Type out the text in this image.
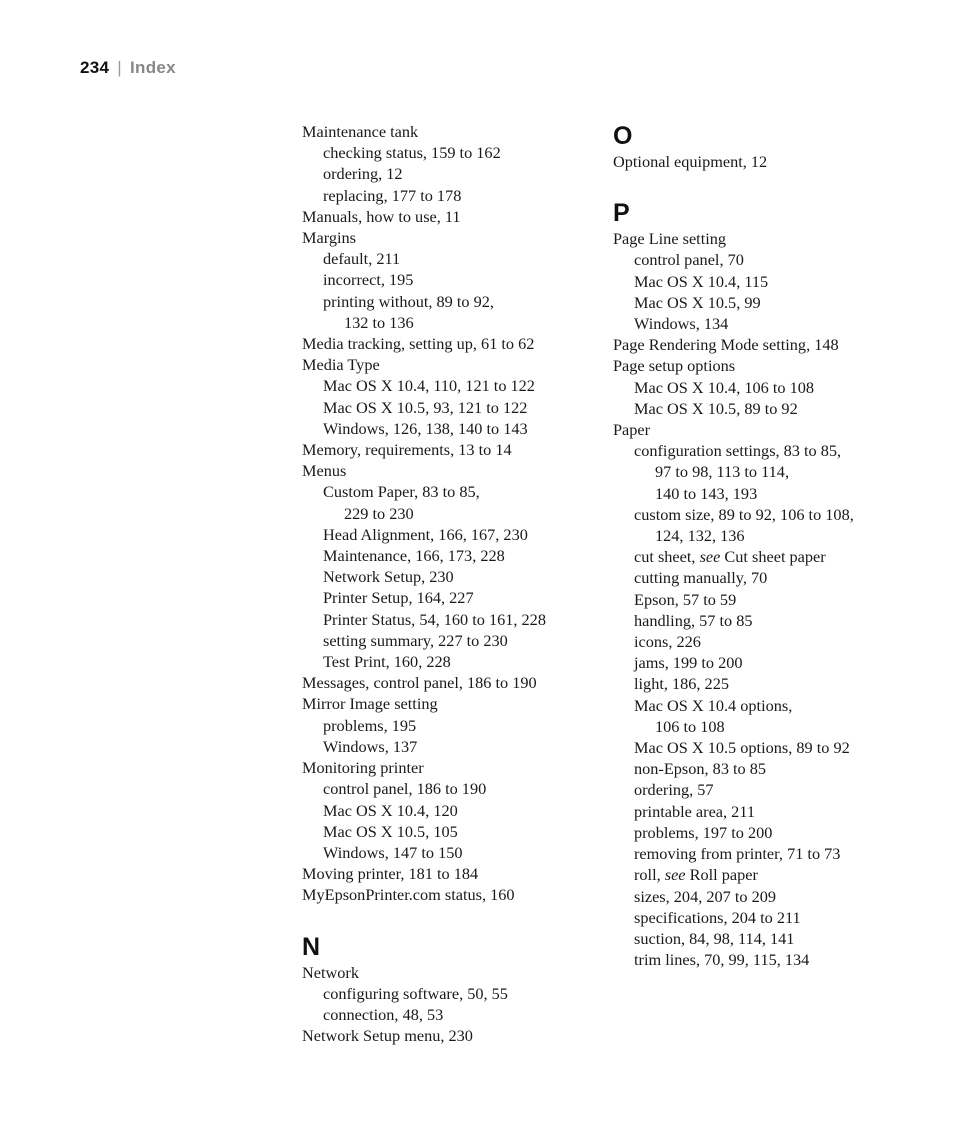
234 | Index
Maintenance tank
checking status, 159 to 162
ordering, 12
replacing, 177 to 178
Manuals, how to use, 11
Margins
default, 211
incorrect, 195
printing without, 89 to 92,
132 to 136
Media tracking, setting up, 61 to 62
Media Type
Mac OS X 10.4, 110, 121 to 122
Mac OS X 10.5, 93, 121 to 122
Windows, 126, 138, 140 to 143
Memory, requirements, 13 to 14
Menus
Custom Paper, 83 to 85,
229 to 230
Head Alignment, 166, 167, 230
Maintenance, 166, 173, 228
Network Setup, 230
Printer Setup, 164, 227
Printer Status, 54, 160 to 161, 228
setting summary, 227 to 230
Test Print, 160, 228
Messages, control panel, 186 to 190
Mirror Image setting
problems, 195
Windows, 137
Monitoring printer
control panel, 186 to 190
Mac OS X 10.4, 120
Mac OS X 10.5, 105
Windows, 147 to 150
Moving printer, 181 to 184
MyEpsonPrinter.com status, 160
N
Network
configuring software, 50, 55
connection, 48, 53
Network Setup menu, 230
O
Optional equipment, 12
P
Page Line setting
control panel, 70
Mac OS X 10.4, 115
Mac OS X 10.5, 99
Windows, 134
Page Rendering Mode setting, 148
Page setup options
Mac OS X 10.4, 106 to 108
Mac OS X 10.5, 89 to 92
Paper
configuration settings, 83 to 85,
97 to 98, 113 to 114,
140 to 143, 193
custom size, 89 to 92, 106 to 108,
124, 132, 136
cut sheet, see Cut sheet paper
cutting manually, 70
Epson, 57 to 59
handling, 57 to 85
icons, 226
jams, 199 to 200
light, 186, 225
Mac OS X 10.4 options,
106 to 108
Mac OS X 10.5 options, 89 to 92
non-Epson, 83 to 85
ordering, 57
printable area, 211
problems, 197 to 200
removing from printer, 71 to 73
roll, see Roll paper
sizes, 204, 207 to 209
specifications, 204 to 211
suction, 84, 98, 114, 141
trim lines, 70, 99, 115, 134
